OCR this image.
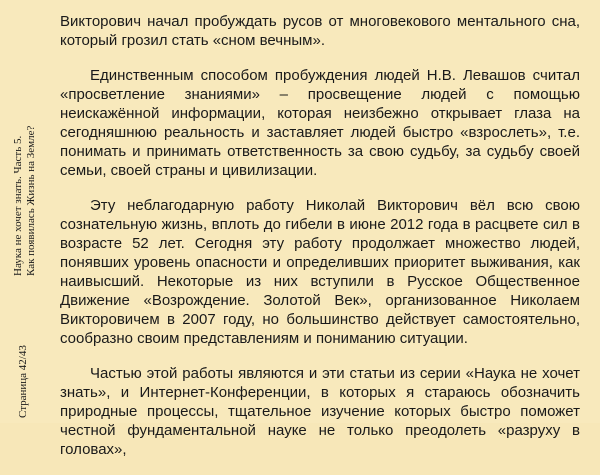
Страница 42/43
Наука не хочет знать. Часть 5. Как появилась Жизнь на Земле?

Викторович начал пробуждать русов от многовекового ментального сна, который грозил стать «сном вечным».

Единственным способом пробуждения людей Н.В. Левашов считал «просветление знаниями» – просвещение людей с помощью неискажённой информации, которая неизбежно открывает глаза на сегодняшнюю реальность и заставляет людей быстро «взрослеть», т.е. понимать и принимать ответственность за свою судьбу, за судьбу своей семьи, своей страны и цивилизации.

Эту неблагодарную работу Николай Викторович вёл всю свою сознательную жизнь, вплоть до гибели в июне 2012 года в расцвете сил в возрасте 52 лет. Сегодня эту работу продолжает множество людей, понявших уровень опасности и определивших приоритет выживания, как наивысший. Некоторые из них вступили в Русское Общественное Движение «Возрождение. Золотой Век», организованное Николаем Викторовичем в 2007 году, но большинство действует самостоятельно, сообразно своим представлениям и пониманию ситуации.

Частью этой работы являются и эти статьи из серии «Наука не хочет знать», и Интернет-Конференции, в которых я стараюсь обозначить природные процессы, тщательное изучение которых быстро поможет честной фундаментальной науке не только преодолеть «разруху в головах»,
